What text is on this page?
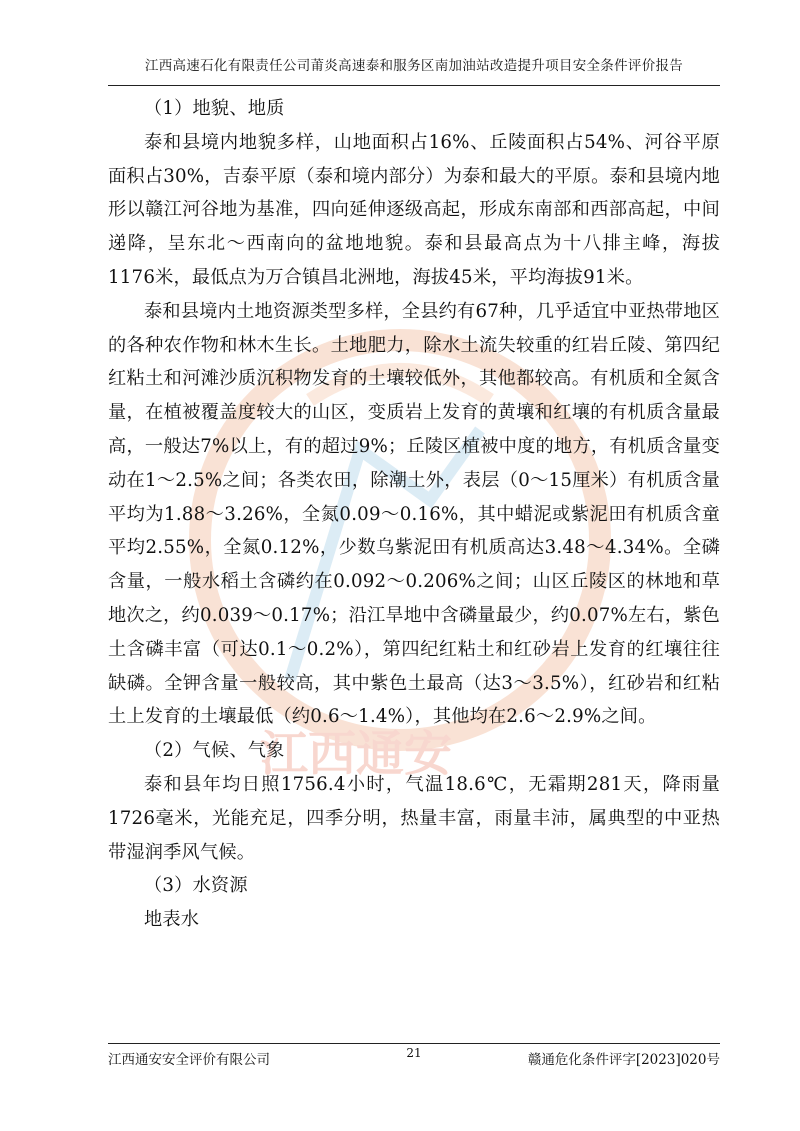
江西通安
江西高速石化有限责任公司莆炎高速泰和服务区南加油站改造提升项目安全条件评价报告

（1）地貌、地质

泰和县境内地貌多样，山地面积占16%、丘陵面积占54%、河谷平原面积占30%，吉泰平原（泰和境内部分）为泰和最大的平原。泰和县境内地形以赣江河谷地为基准，四向延伸逐级高起，形成东南部和西部高起，中间递降，呈东北～西南向的盆地地貌。泰和县最高点为十八排主峰，海拔1176米，最低点为万合镇昌北洲地，海拔45米，平均海拔91米。

泰和县境内土地资源类型多样，全县约有67种，几乎适宜中亚热带地区的各种农作物和林木生长。土地肥力，除水土流失较重的红岩丘陵、第四纪红粘土和河滩沙质沉积物发育的土壤较低外，其他都较高。有机质和全氮含量，在植被覆盖度较大的山区，变质岩上发育的黄壤和红壤的有机质含量最高，一般达7%以上，有的超过9%；丘陵区植被中度的地方，有机质含量变动在1～2.5%之间；各类农田，除潮土外，表层（0～15厘米）有机质含量平均为1.88～3.26%，全氮0.09～0.16%，其中蜡泥或紫泥田有机质含童平均2.55%，全氮0.12%，少数乌紫泥田有机质高达3.48～4.34%。全磷含量，一般水稻土含磷约在0.092～0.206%之间；山区丘陵区的林地和草地次之，约0.039～0.17%；沿江旱地中含磷量最少，约0.07%左右，紫色土含磷丰富（可达0.1～0.2%），第四纪红粘土和红砂岩上发育的红壤往往缺磷。全钾含量一般较高，其中紫色土最高（达3～3.5%），红砂岩和红粘土上发育的土壤最低（约0.6～1.4%），其他均在2.6～2.9%之间。

（2）气候、气象

泰和县年均日照1756.4小时，气温18.6℃，无霜期281天，降雨量1726毫米，光能充足，四季分明，热量丰富，雨量丰沛，属典型的中亚热带湿润季风气候。

（3）水资源

地表水

江西通安安全评价有限公司	21	赣通危化条件评字[2023]020号
